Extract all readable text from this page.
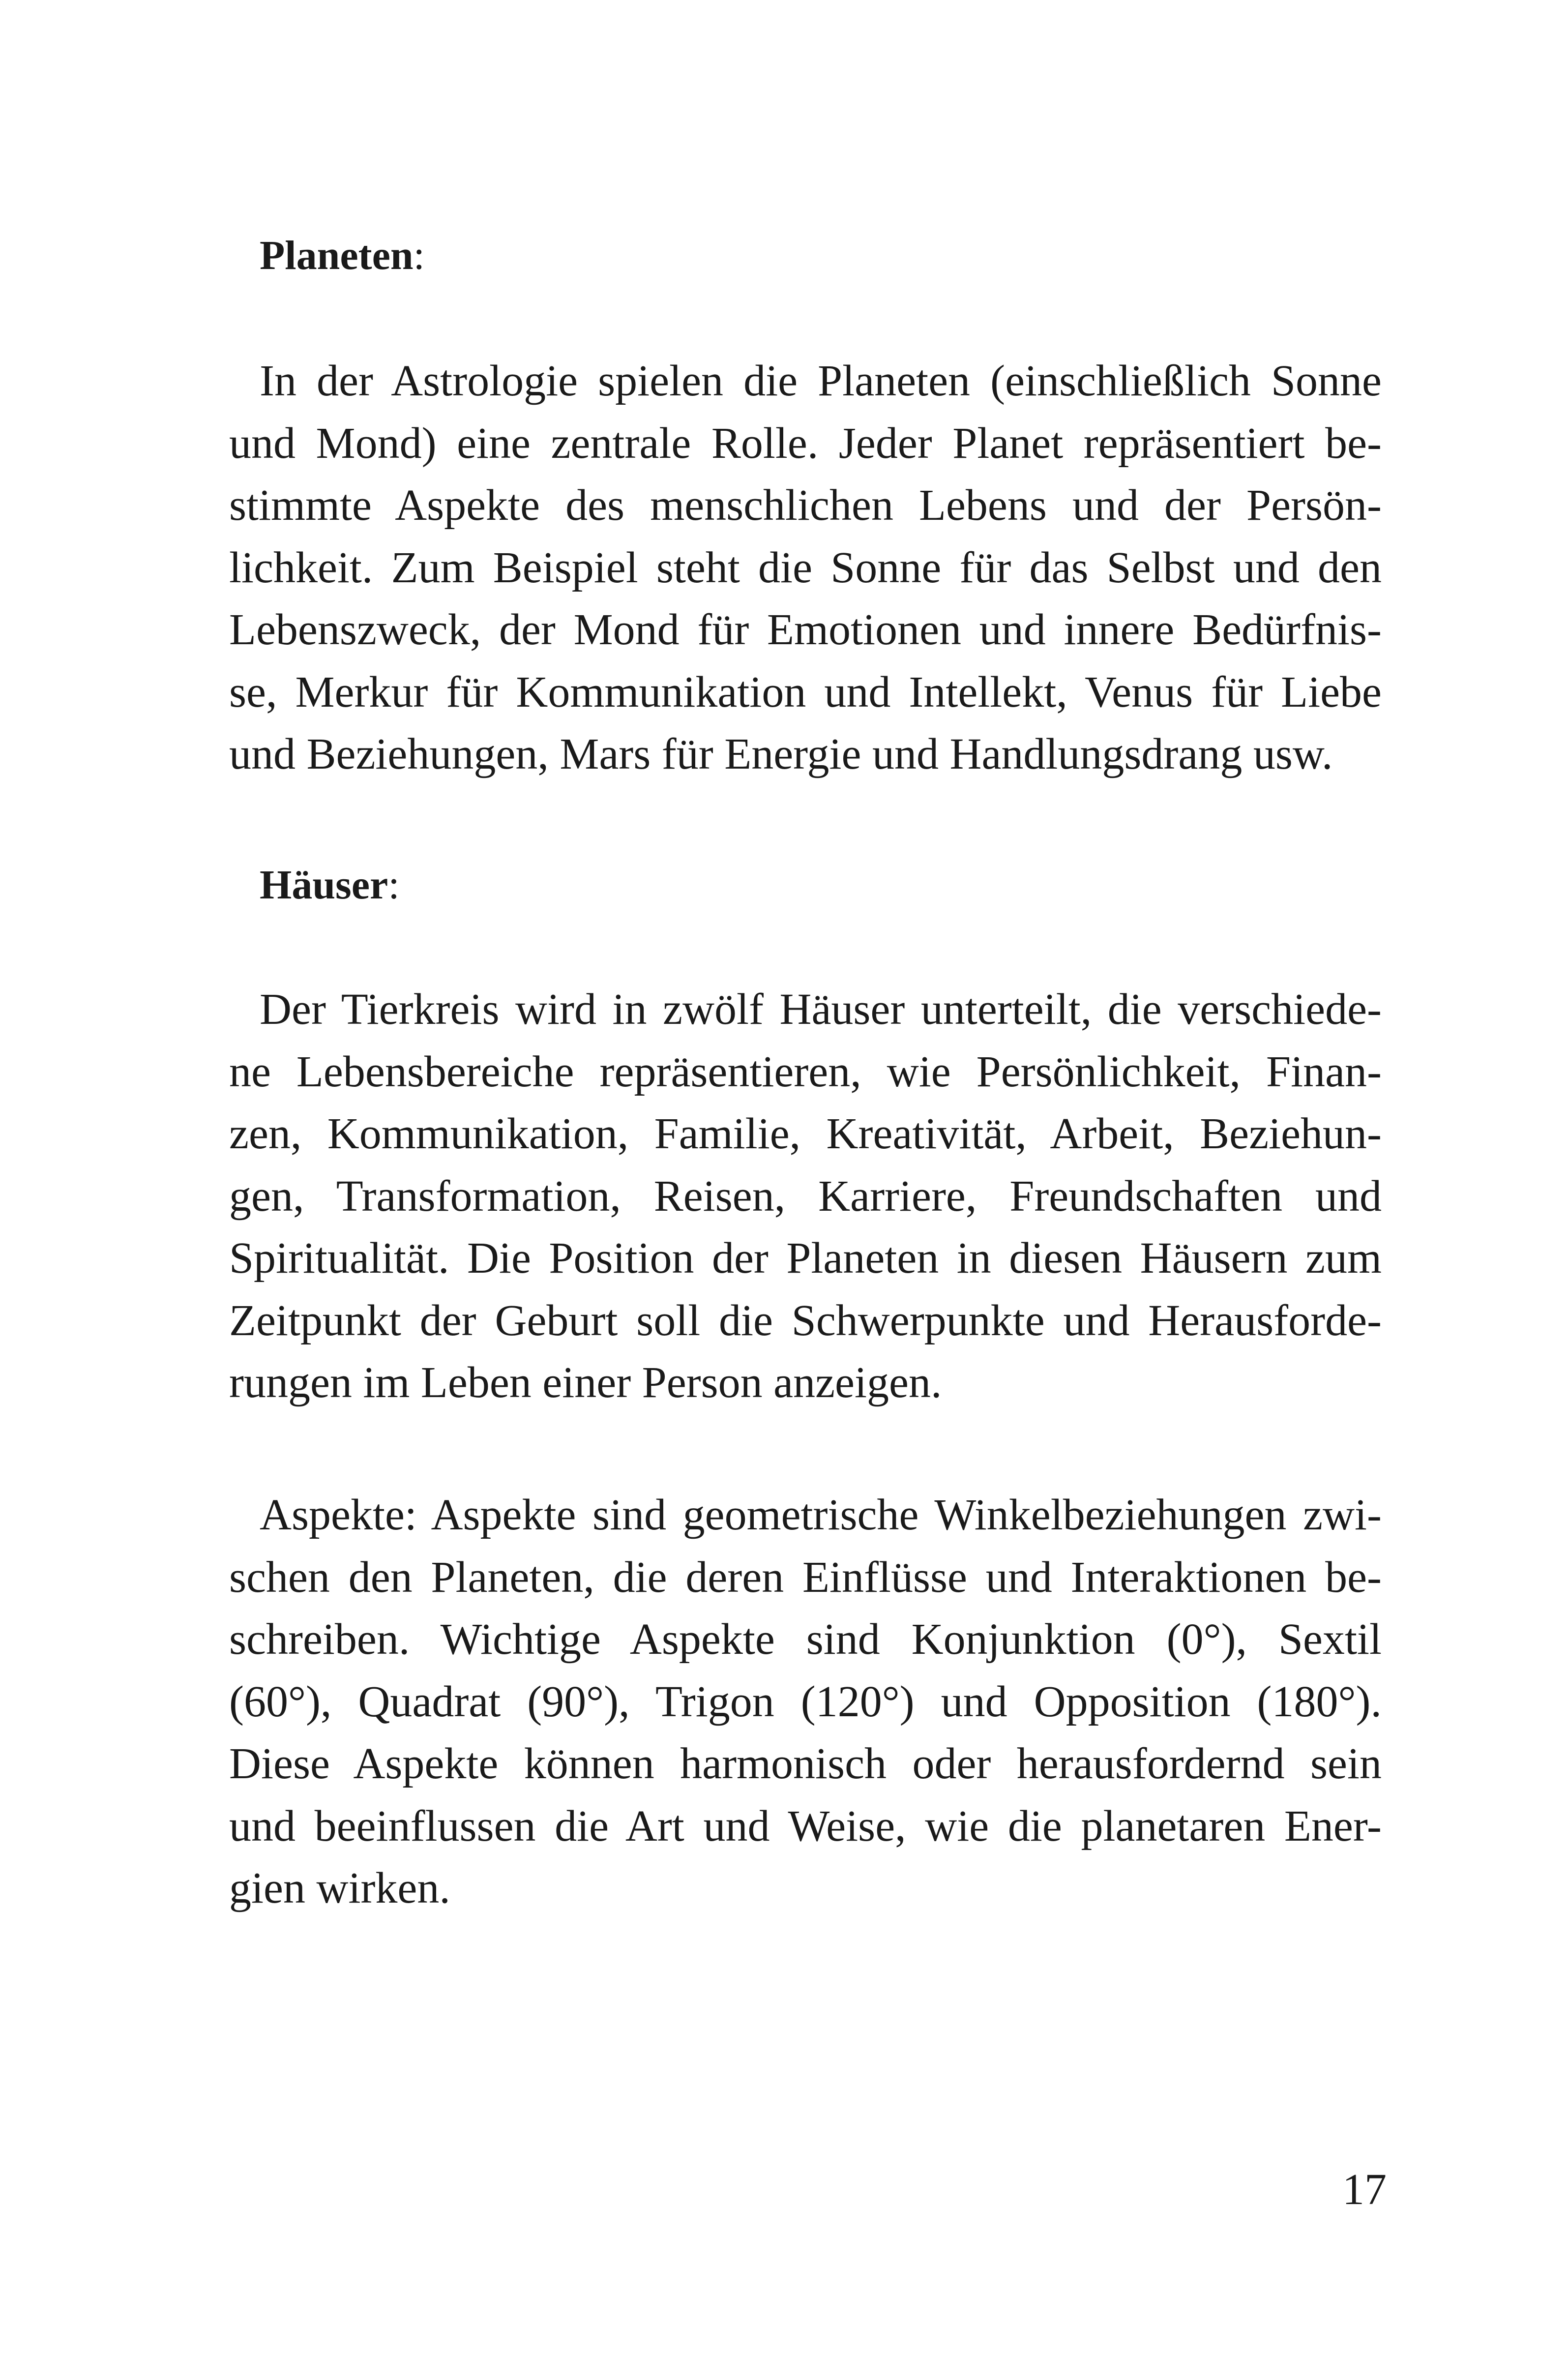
Planeten:
In der Astrologie spielen die Planeten (einschließlich Sonne
und Mond) eine zentrale Rolle. Jeder Planet repräsentiert be-
stimmte Aspekte des menschlichen Lebens und der Persön-
lichkeit. Zum Beispiel steht die Sonne für das Selbst und den
Lebenszweck, der Mond für Emotionen und innere Bedürfnis-
se, Merkur für Kommunikation und Intellekt, Venus für Liebe
und Beziehungen, Mars für Energie und Handlungsdrang usw.
Häuser:
Der Tierkreis wird in zwölf Häuser unterteilt, die verschiede-
ne Lebensbereiche repräsentieren, wie Persönlichkeit, Finan-
zen, Kommunikation, Familie, Kreativität, Arbeit, Beziehun-
gen, Transformation, Reisen, Karriere, Freundschaften und
Spiritualität. Die Position der Planeten in diesen Häusern zum
Zeitpunkt der Geburt soll die Schwerpunkte und Herausforde-
rungen im Leben einer Person anzeigen.
Aspekte: Aspekte sind geometrische Winkelbeziehungen zwi-
schen den Planeten, die deren Einflüsse und Interaktionen be-
schreiben. Wichtige Aspekte sind Konjunktion (0°), Sextil
(60°), Quadrat (90°), Trigon (120°) und Opposition (180°).
Diese Aspekte können harmonisch oder herausfordernd sein
und beeinflussen die Art und Weise, wie die planetaren Ener-
gien wirken.
17
